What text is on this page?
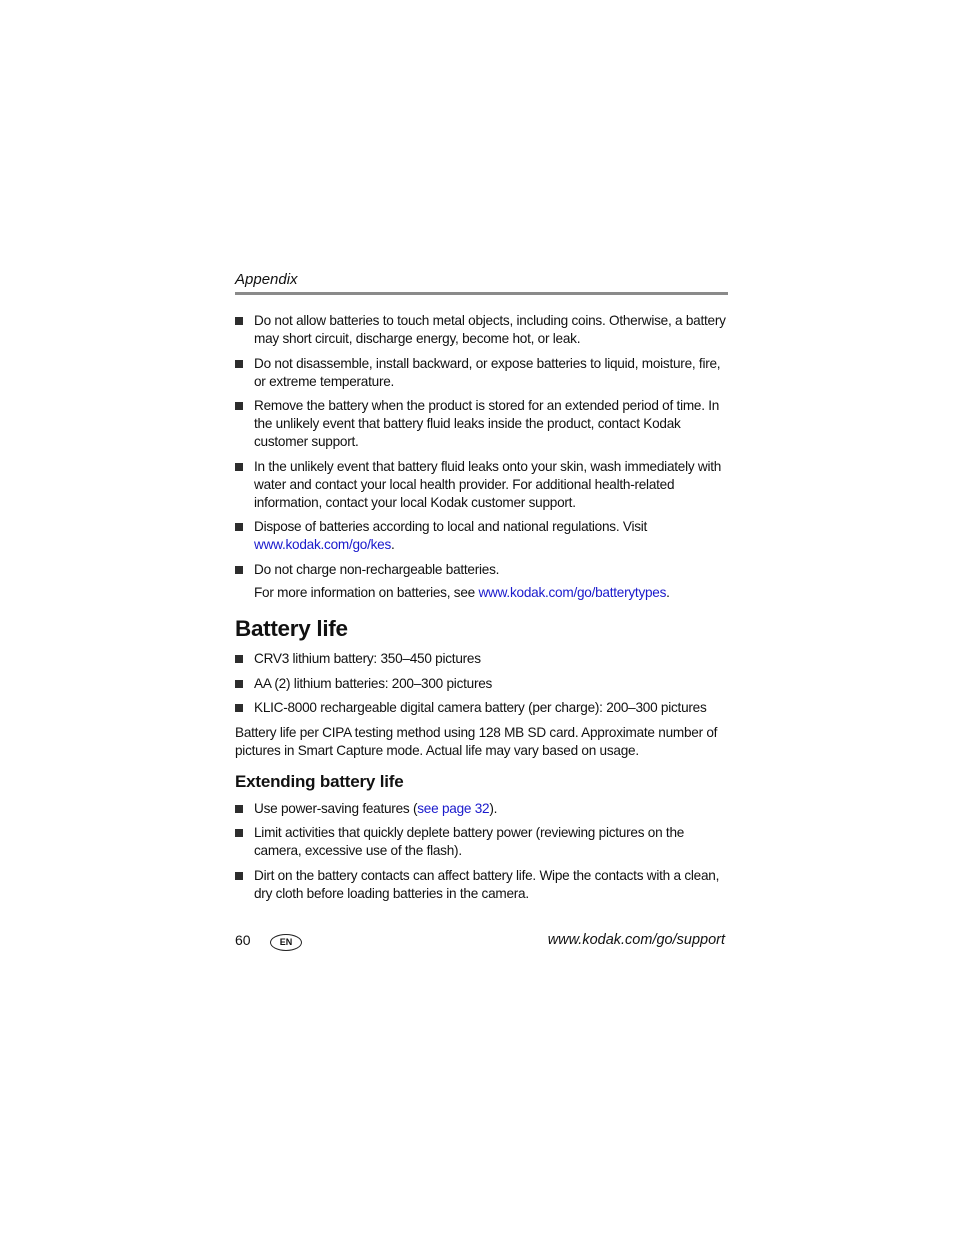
Appendix
Do not allow batteries to touch metal objects, including coins. Otherwise, a battery may short circuit, discharge energy, become hot, or leak.
Do not disassemble, install backward, or expose batteries to liquid, moisture, fire, or extreme temperature.
Remove the battery when the product is stored for an extended period of time. In the unlikely event that battery fluid leaks inside the product, contact Kodak customer support.
In the unlikely event that battery fluid leaks onto your skin, wash immediately with water and contact your local health provider. For additional health-related information, contact your local Kodak customer support.
Dispose of batteries according to local and national regulations. Visit www.kodak.com/go/kes.
Do not charge non-rechargeable batteries.
For more information on batteries, see www.kodak.com/go/batterytypes.
Battery life
CRV3 lithium battery: 350–450 pictures
AA (2) lithium batteries: 200–300 pictures
KLIC-8000 rechargeable digital camera battery (per charge): 200–300 pictures

Battery life per CIPA testing method using 128 MB SD card. Approximate number of pictures in Smart Capture mode. Actual life may vary based on usage.

Extending battery life
Use power-saving features (see page 32).
Limit activities that quickly deplete battery power (reviewing pictures on the camera, excessive use of the flash).
Dirt on the battery contacts can affect battery life. Wipe the contacts with a clean, dry cloth before loading batteries in the camera.
60	EN	www.kodak.com/go/support
